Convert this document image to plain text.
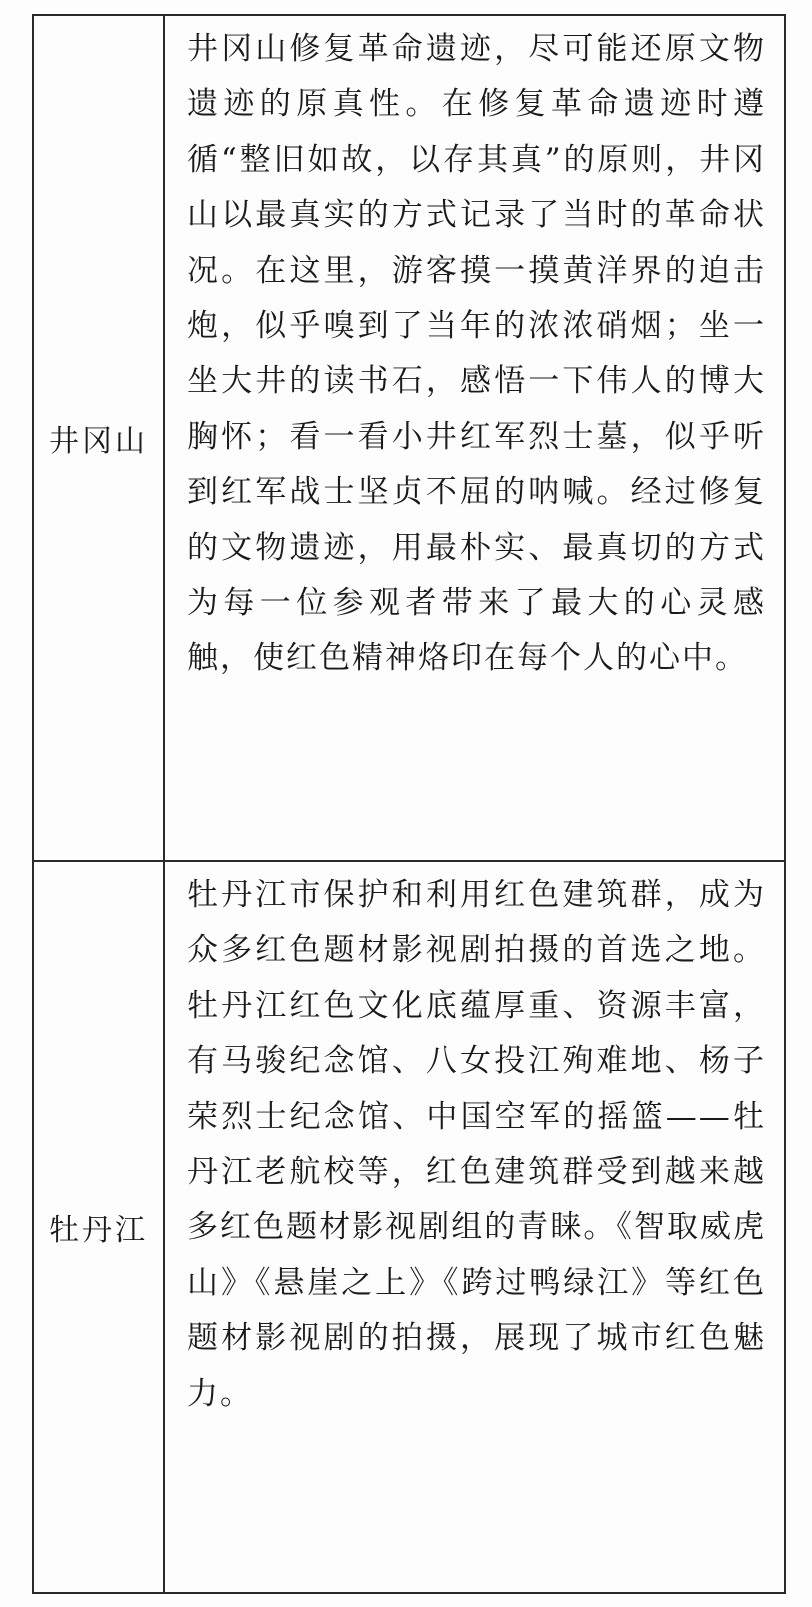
井冈山	井冈山修复革命遗迹，尽可能还原文物遗迹的原真性。在修复革命遗迹时遵循“整旧如故，以存其真”的原则，井冈山以最真实的方式记录了当时的革命状况。在这里，游客摸一摸黄洋界的迫击炮，似乎嗅到了当年的浓浓硝烟；坐一坐大井的读书石，感悟一下伟人的博大胸怀；看一看小井红军烈士墓，似乎听到红军战士坚贞不屈的呐喊。经过修复的文物遗迹，用最朴实、最真切的方式为每一位参观者带来了最大的心灵感触，使红色精神烙印在每个人的心中。

牡丹江	牡丹江市保护和利用红色建筑群，成为众多红色题材影视剧拍摄的首选之地。牡丹江红色文化底蕴厚重、资源丰富，有马骏纪念馆、八女投江殉难地、杨子荣烈士纪念馆、中国空军的摇篮——牡丹江老航校等，红色建筑群受到越来越多红色题材影视剧组的青睐。《智取威虎山》《悬崖之上》《跨过鸭绿江》等红色题材影视剧的拍摄，展现了城市红色魅力。
